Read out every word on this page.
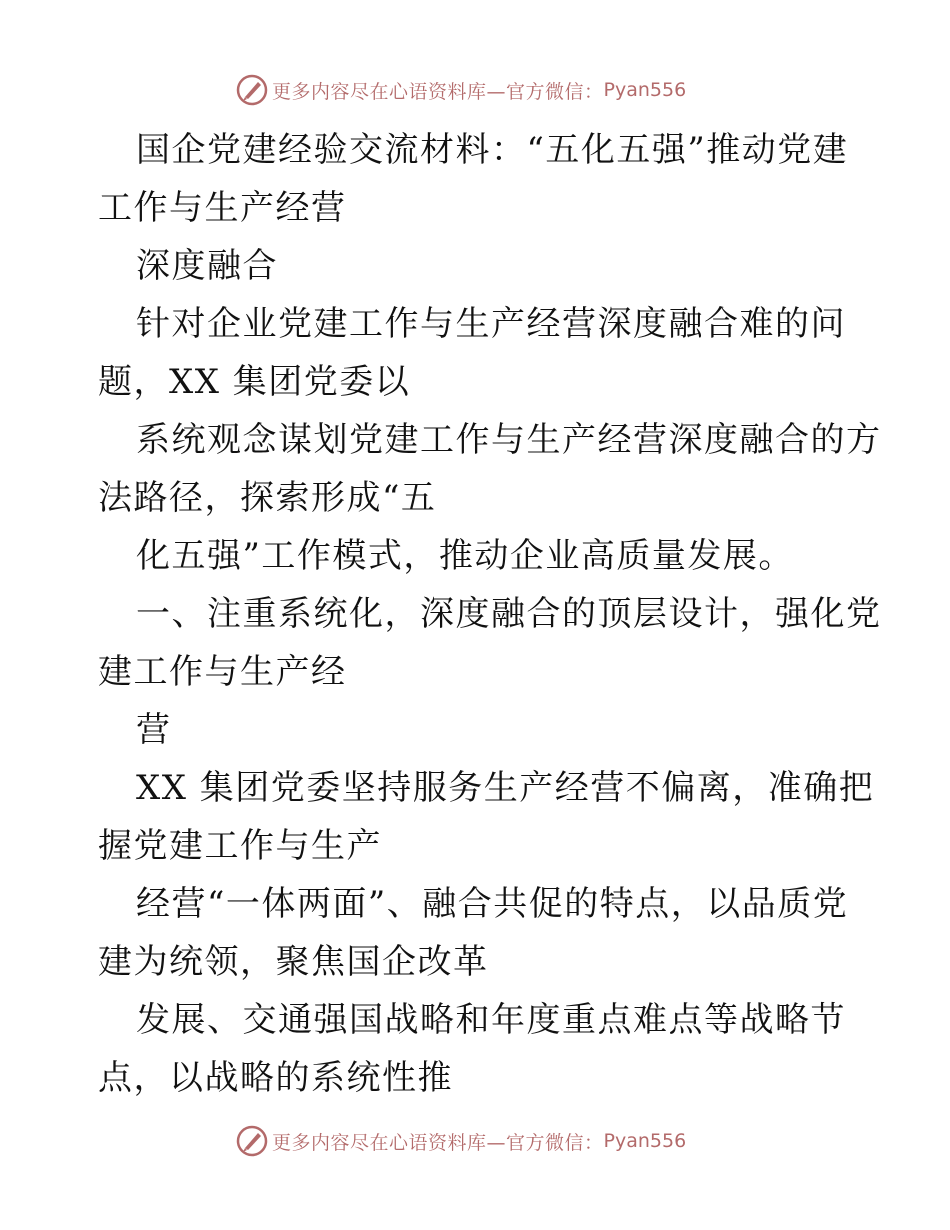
更多内容尽在心语资料库—官方微信： Pyan556
国企党建经验交流材料：“五化五强”推动党建
工作与生产经营
深度融合
针对企业党建工作与生产经营深度融合难的问
题，XX 集团党委以
系统观念谋划党建工作与生产经营深度融合的方
法路径，探索形成“五
化五强”工作模式，推动企业高质量发展。
一、注重系统化，深度融合的顶层设计，强化党
建工作与生产经
营
XX 集团党委坚持服务生产经营不偏离，准确把
握党建工作与生产
经营“一体两面”、融合共促的特点，以品质党
建为统领，聚焦国企改革
发展、交通强国战略和年度重点难点等战略节
点，以战略的系统性推
更多内容尽在心语资料库—官方微信： Pyan556
